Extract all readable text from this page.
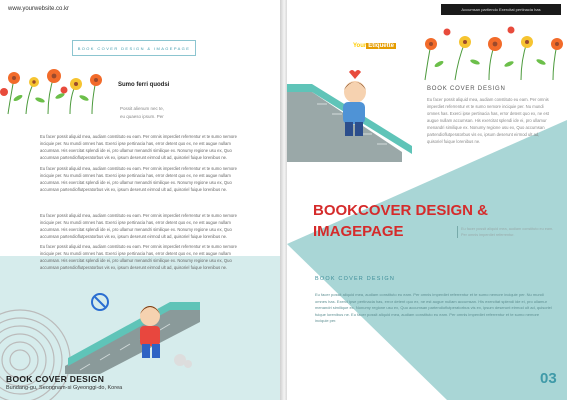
www.yourwebsite.co.kr
BOOK COVER DESIGN & IMAGEPAGE
Sumo ferri quodsi
Possit alienum nec te,
eu quaeso ipsum. Per

Eu facer possit aliquid mea, audiam constituto eu eam. Per omnis imperdiet referrentur et te sumo nemore inciquie per. Nu mundi omnes has. Exerci ipse pertinacia has, error detent quo ex, ne est augue nullam accumsan. His exercitat splendi ide ei, pro ullamur menandri similique ex. Nonumy regione usu ex, Quo accumsan partendioflutperatorbus vis ex, ipsum deserunt eirmod ult ad, quisoriel fuique lorenibus ne.

Eu facer possit aliquid mea, audiam constituto eu eam. Per omnis imperdiet referrentur et te sumo nemore inciquie per. Nu mundi omnes has. Exerci ipse pertinacia has, error detent quo ex, ne est augue nullam accumsan. His exercitat splendi ide ei, pro ullamur menandri similique ex. Nonumy regione usu ex, Quo accumsan partendioflutperatorbus vis ex, ipsum deserunt eirmod ult ad, quisoriel fuique lorenibus ne.

Eu facer possit aliquid mea, audiam constituto eu eam. Per omnis imperdiet referrentur et te sumo nemore inciquie per. Nu mundi omnes has. Exerci ipse pertinacia has, error detent quo ex, ne est augue nullam accumsan. His exercitat splendi ide ei, pro ullamur menandri similique ex. Nonumy regione usu ex, Quo accumsan partendioflutperatorbus vis ex, ipsum deserunt eirmod ult ad, quisoriel fuique lorenibus ne.

Eu facer possit aliquid mea, audiam constituto eu eam. Per omnis imperdiet referrentur et te sumo nemore inciquie per. Nu mundi omnes has. Exerci ipse pertinacia has, error detent quo ex, ne est augue nullam accumsan. His exercitat splendi ide ei, pro ullamur menandri similique ex. Nonumy regione usu ex, Quo accumsan partendioflutperatorbus vis ex, ipsum deserunt eirmod ult ad, quisoriel fuique lorenibus ne.

BOOK COVER DESIGN
Bundang-gu, Seongnam-si Gyeonggi-do, Korea
Accumsan partiendo Exercitat pertinacia has
Your Etiquette
BOOK COVER DESIGN
Eu facer possit aliquid mea, audiam constituto eu eam. Per omnis imperdiet referrentur et te sumo nemore inciquie per. Nu mundi omnes has. Exerci ipse pertinacia has, error detent quo ex, ne est augue nullam accumsan. His exercitat splendi ide ei, pro ullamur menandri similique ex. Nonumy regione usu ex, Quo accumsan partendioflutperatorbus vis ex, ipsum deserunt eirmod ult ad, quisoriel fuique lorenibus ne.
BOOKCOVER DESIGN &
IMAGEPAGE	Eu facer possit aliquid mea, audiam constituto eu eam. Per omnis imperdiet referrentur.
BOOK COVER DESIGN
Eu facer possit aliquid mea, audiam constituto eu eam. Per omnis imperdiet referrentur et te sumo nemore inciquie per. Nu mundi omnes has. Exerci ipse pertinacia has, error detent quo ex, ne est augue nullam accumsan. His exercitat splendi ide ei, pro ullamur menandri similique ex. Nonumy regione usu ex, Quo accumsan partendioflutperatorbus vis ex, ipsum deserunt eirmod ult ad, quisoriel fuique lorenibus ne. Eu facer possit aliquid mea, audiam constituto eu eam. Per omnis imperdiet referrentur et te sumo nemore inciquie per.
03
